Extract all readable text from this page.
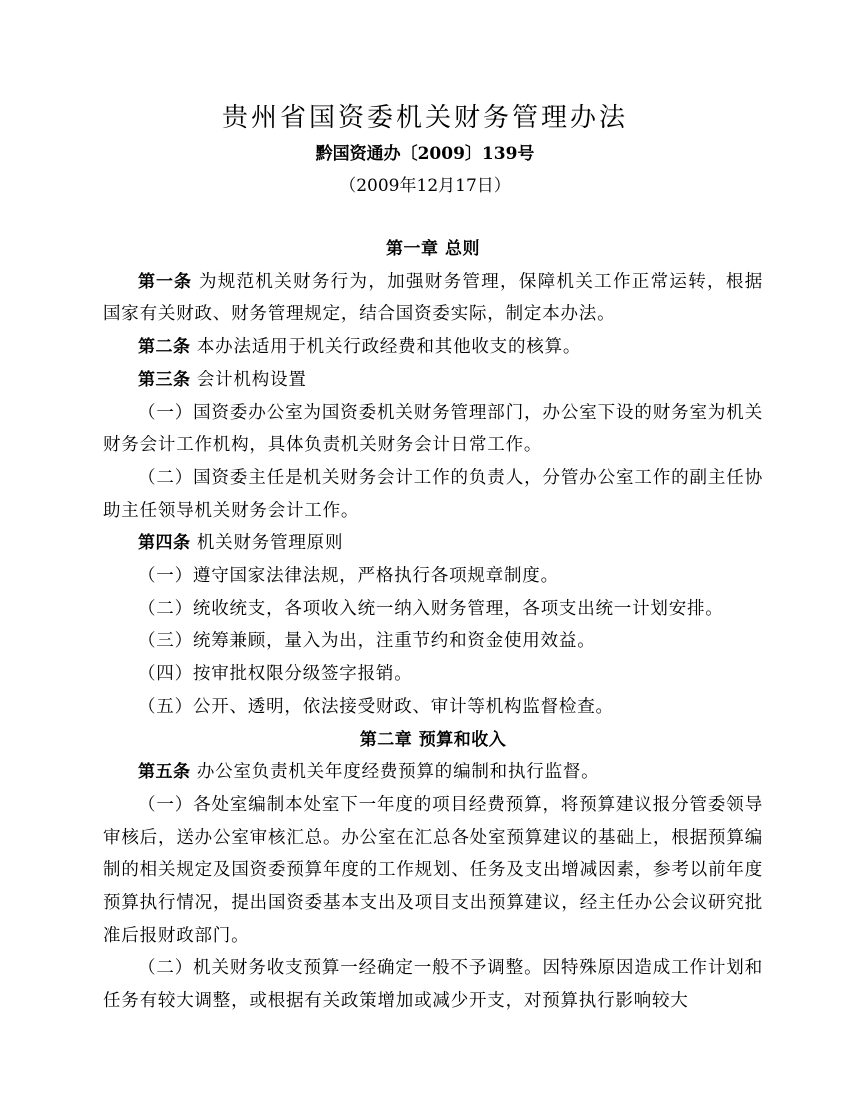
贵州省国资委机关财务管理办法
黔国资通办〔2009〕139号
（2009年12月17日）

第一章 总则

第一条 为规范机关财务行为，加强财务管理，保障机关工作正常运转，根据国家有关财政、财务管理规定，结合国资委实际，制定本办法。

第二条 本办法适用于机关行政经费和其他收支的核算。

第三条 会计机构设置

（一）国资委办公室为国资委机关财务管理部门，办公室下设的财务室为机关财务会计工作机构，具体负责机关财务会计日常工作。

（二）国资委主任是机关财务会计工作的负责人，分管办公室工作的副主任协助主任领导机关财务会计工作。

第四条 机关财务管理原则

（一）遵守国家法律法规，严格执行各项规章制度。

（二）统收统支，各项收入统一纳入财务管理，各项支出统一计划安排。

（三）统筹兼顾，量入为出，注重节约和资金使用效益。

（四）按审批权限分级签字报销。

（五）公开、透明，依法接受财政、审计等机构监督检查。

第二章 预算和收入

第五条 办公室负责机关年度经费预算的编制和执行监督。

（一）各处室编制本处室下一年度的项目经费预算，将预算建议报分管委领导审核后，送办公室审核汇总。办公室在汇总各处室预算建议的基础上，根据预算编制的相关规定及国资委预算年度的工作规划、任务及支出增减因素，参考以前年度预算执行情况，提出国资委基本支出及项目支出预算建议，经主任办公会议研究批准后报财政部门。

（二）机关财务收支预算一经确定一般不予调整。因特殊原因造成工作计划和任务有较大调整，或根据有关政策增加或减少开支，对预算执行影响较大
